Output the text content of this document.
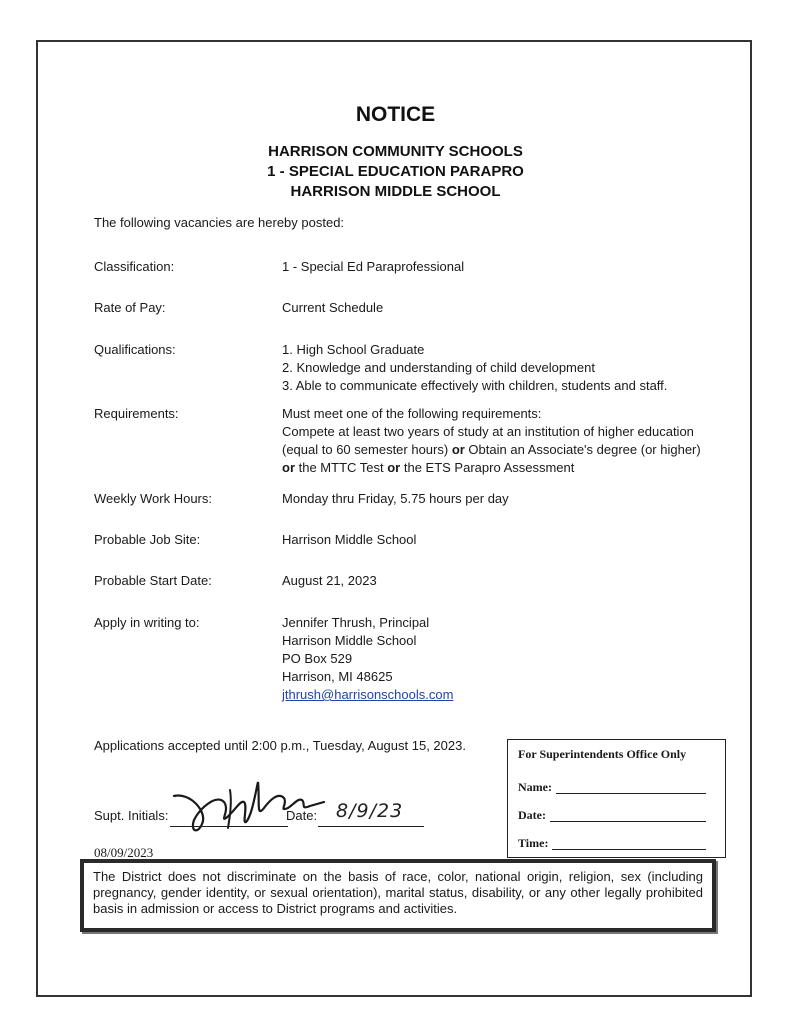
NOTICE
HARRISON COMMUNITY SCHOOLS
1 - SPECIAL EDUCATION PARAPRO
HARRISON MIDDLE SCHOOL
The following vacancies are hereby posted:
Classification:	1 - Special Ed Paraprofessional
Rate of Pay:	Current Schedule
Qualifications:	1. High School Graduate
2. Knowledge and understanding of child development
3. Able to communicate effectively with children, students and staff.
Requirements:	Must meet one of the following requirements:
Compete at least two years of study at an institution of higher education
(equal to 60 semester hours) or Obtain an Associate's degree (or higher)
or the MTTC Test or the ETS Parapro Assessment
Weekly Work Hours:	Monday thru Friday, 5.75 hours per day
Probable Job Site:	Harrison Middle School
Probable Start Date:	August 21, 2023
Apply in writing to:	Jennifer Thrush, Principal
Harrison Middle School
PO Box 529
Harrison, MI 48625
jthrush@harrisonschools.com
Applications accepted until 2:00 p.m., Tuesday, August 15, 2023.
Supt. Initials:	Date: 8/9/23
08/09/2023
For Superintendents Office Only
Name:
Date:
Time:
The District does not discriminate on the basis of race, color, national origin, religion, sex (including pregnancy, gender identity, or sexual orientation), marital status, disability, or any other legally prohibited basis in admission or access to District programs and activities.
